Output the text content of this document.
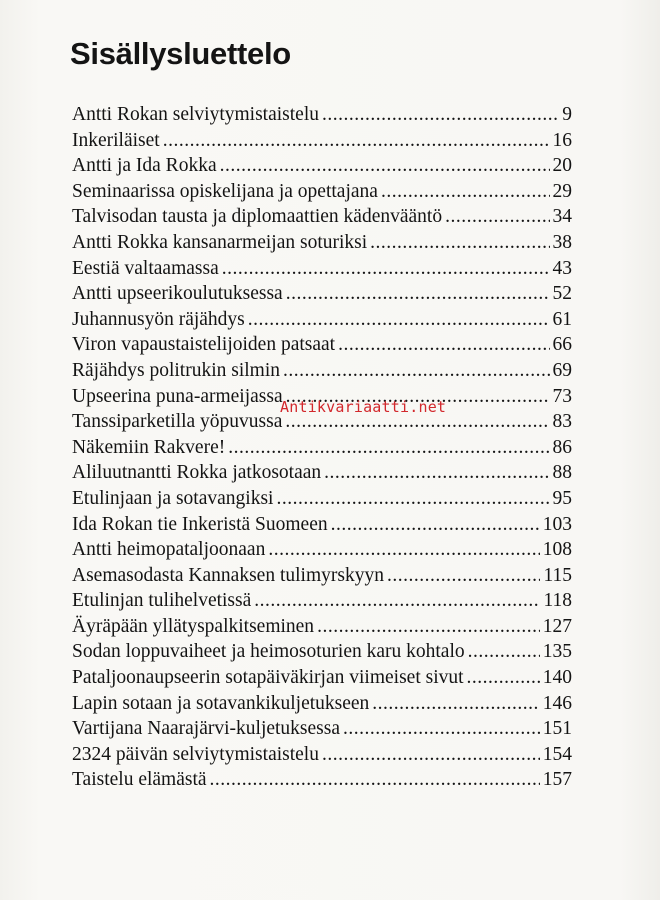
Sisällysluettelo
Antti Rokan selviytymistaistelu .....	9
Inkeriläiset .....	16
Antti ja Ida Rokka .....	20
Seminaarissa opiskelijana ja opettajana .....	29
Talvisodan tausta ja diplomaattien kädenvääntö .....	34
Antti Rokka kansanarmeijan soturiksi .....	38
Eestiä valtaamassa .....	43
Antti upseerikoulutuksessa .....	52
Juhannusyön räjähdys .....	61
Viron vapaustaistelijoiden patsaat .....	66
Räjähdys politrukin silmin .....	69
Upseerina puna-armeijassa .....	73
Tanssiparketilla yöpuvussa .....	83
Näkemiin Rakvere! .....	86
Aliluutnantti Rokka jatkosotaan .....	88
Etulinjaan ja sotavangiksi .....	95
Ida Rokan tie Inkeristä Suomeen .....	103
Antti heimopataljoonaan .....	108
Asemasodasta Kannaksen tulimyrskyyn .....	115
Etulinjan tulihelvetissä .....	118
Äyräpään yllätyspalkitseminen .....	127
Sodan loppuvaiheet ja heimosoturien karu kohtalo .....	135
Pataljoonaupseerin sotapäiväkirjan viimeiset sivut .....	140
Lapin sotaan ja sotavankikuljetukseen .....	146
Vartijana Naarajärvi-kuljetuksessa .....	151
2324 päivän selviytymistaistelu .....	154
Taistelu elämästä .....	157
Antikvariaatti.net
